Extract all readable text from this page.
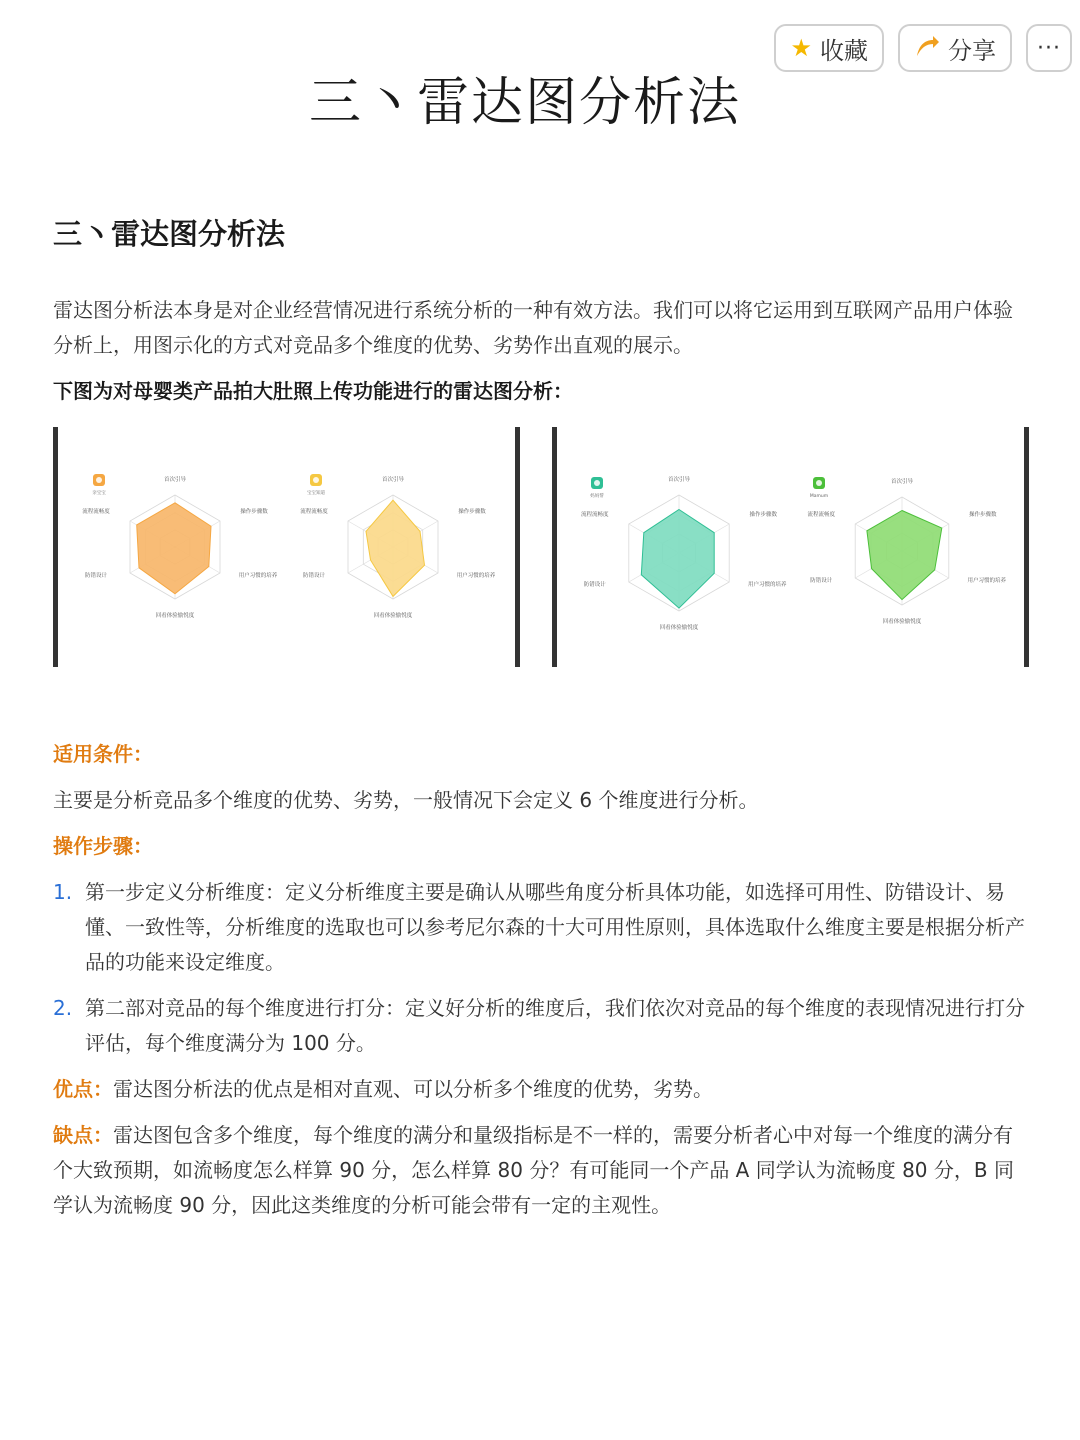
★ 收藏	分享 ···
三丶雷达图分析法
三丶雷达图分析法

雷达图分析法本身是对企业经营情况进行系统分析的一种有效方法。我们可以将它运用到互联网产品用户体验分析上，用图示化的方式对竞品多个维度的优势、劣势作出直观的展示。

下图为对母婴类产品拍大肚照上传功能进行的雷达图分析：
首次引导
操作步骤数
用户习惯的培养
回看体验愉悦度
防错设计
流程流畅度
亲宝宝
首次引导
操作步骤数
用户习惯的培养
回看体验愉悦度
防错设计
流程流畅度
宝宝知道
首次引导
操作步骤数
用户习惯的培养
回看体验愉悦度
防错设计
流程流畅度
妈妈帮
首次引导
操作步骤数
用户习惯的培养
回看体验愉悦度
防错设计
流程流畅度
Mamum
适用条件：

主要是分析竞品多个维度的优势、劣势，一般情况下会定义 6 个维度进行分析。

操作步骤：
1. 第一步定义分析维度：定义分析维度主要是确认从哪些角度分析具体功能，如选择可用性、防错设计、易懂、一致性等，分析维度的选取也可以参考尼尔森的十大可用性原则，具体选取什么维度主要是根据分析产品的功能来设定维度。
2. 第二部对竞品的每个维度进行打分：定义好分析的维度后，我们依次对竞品的每个维度的表现情况进行打分评估，每个维度满分为 100 分。

优点：雷达图分析法的优点是相对直观、可以分析多个维度的优势，劣势。

缺点：雷达图包含多个维度，每个维度的满分和量级指标是不一样的，需要分析者心中对每一个维度的满分有个大致预期，如流畅度怎么样算 90 分，怎么样算 80 分？有可能同一个产品 A 同学认为流畅度 80 分，B 同学认为流畅度 90 分，因此这类维度的分析可能会带有一定的主观性。
